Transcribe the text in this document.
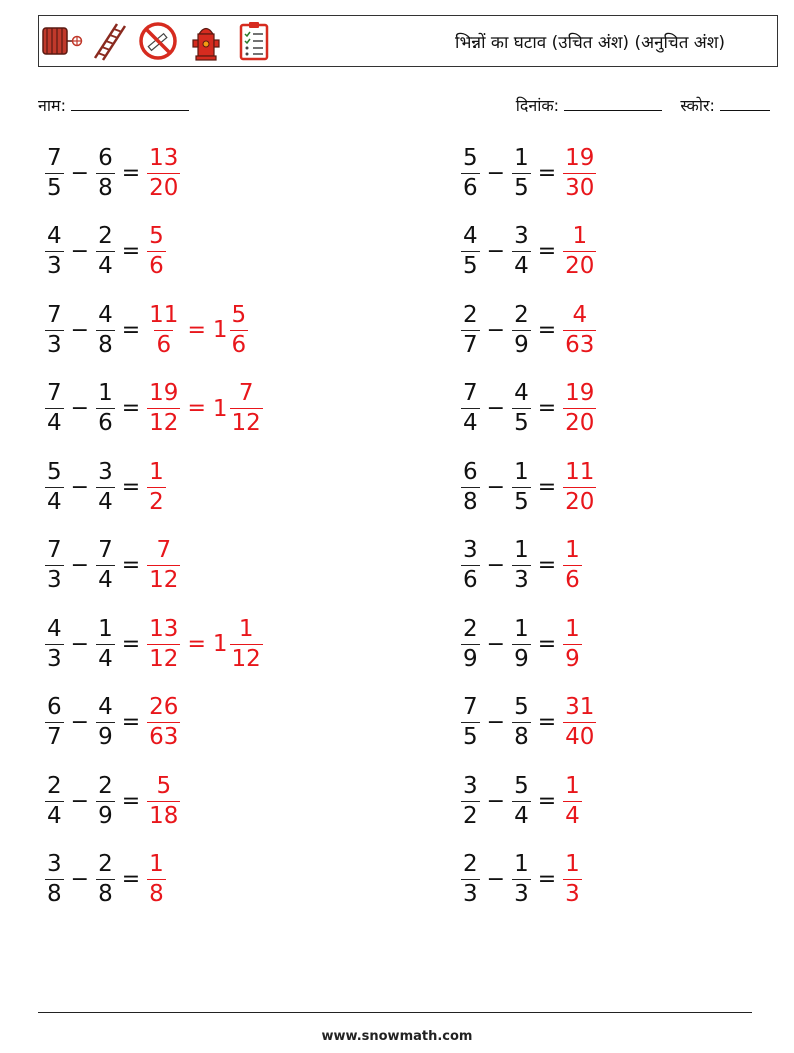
भिन्नों का घटाव (उचित अंश) (अनुचित अंश)
नाम:	दिनांक:	स्कोर:
$\frac{7}{5} - \frac{6}{8} = \frac{13}{20}$
$\frac{4}{3} - \frac{2}{4} = \frac{5}{6}$
$\frac{7}{3} - \frac{4}{8} = \frac{11}{6} = 1 \frac{5}{6}$
$\frac{7}{4} - \frac{1}{6} = \frac{19}{12} = 1 \frac{7}{12}$
$\frac{5}{4} - \frac{3}{4} = \frac{1}{2}$
$\frac{7}{3} - \frac{7}{4} = \frac{7}{12}$
$\frac{4}{3} - \frac{1}{4} = \frac{13}{12} = 1 \frac{1}{12}$
$\frac{6}{7} - \frac{4}{9} = \frac{26}{63}$
$\frac{2}{4} - \frac{2}{9} = \frac{5}{18}$
$\frac{3}{8} - \frac{2}{8} = \frac{1}{8}$
$\frac{5}{6} - \frac{1}{5} = \frac{19}{30}$
$\frac{4}{5} - \frac{3}{4} = \frac{1}{20}$
$\frac{2}{7} - \frac{2}{9} = \frac{4}{63}$
$\frac{7}{4} - \frac{4}{5} = \frac{19}{20}$
$\frac{6}{8} - \frac{1}{5} = \frac{11}{20}$
$\frac{3}{6} - \frac{1}{3} = \frac{1}{6}$
$\frac{2}{9} - \frac{1}{9} = \frac{1}{9}$
$\frac{7}{5} - \frac{5}{8} = \frac{31}{40}$
$\frac{3}{2} - \frac{5}{4} = \frac{1}{4}$
$\frac{2}{3} - \frac{1}{3} = \frac{1}{3}$
www.snowmath.com
